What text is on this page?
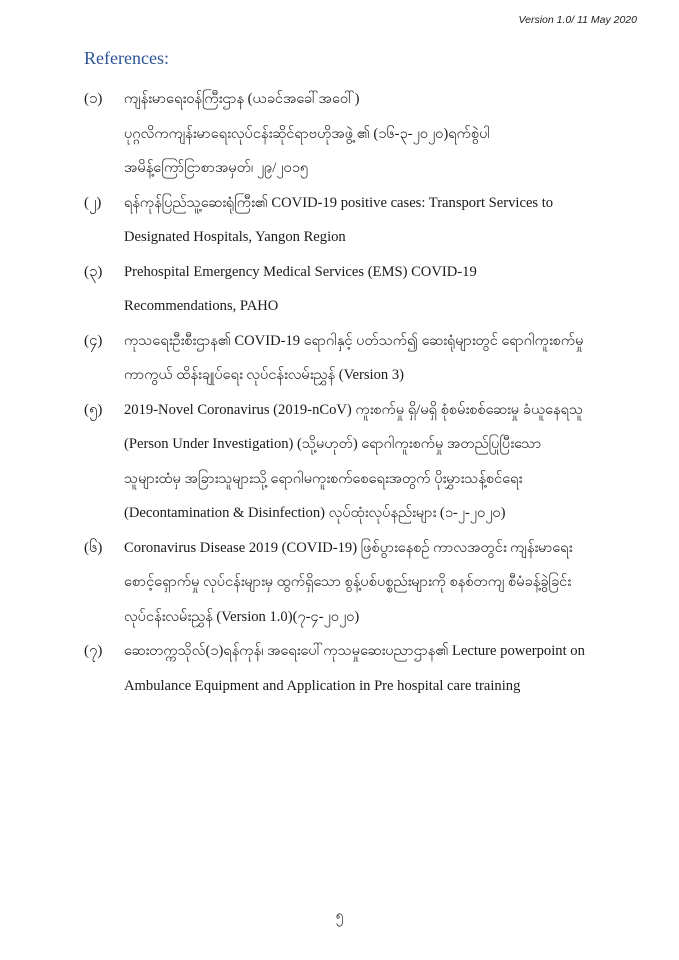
Version 1.0/ 11 May 2020
References:
(၁)	ကျန်းမာရေးဝန်ကြီးဌာန (ယခင်အခေါ်အဝေါ်)
ပုဂ္ဂလိကကျန်းမာရေးလုပ်ငန်းဆိုင်ရာဗဟိုအဖွဲ့ ၏ (၁၆-၃-၂၀၂၀)ရက်စွဲပါ
အမိန့်ကြော်ငြာစာအမှတ်၊ ၂၉/၂၀၁၅
(၂)	ရန်ကုန်ပြည်သူ့ဆေးရုံကြီး၏ COVID-19 positive cases: Transport Services to
Designated Hospitals, Yangon Region
(၃)	Prehospital Emergency Medical Services (EMS) COVID-19
Recommendations, PAHO
(၄)	ကုသရေးဦးစီးဌာန၏ COVID-19 ရောဂါနှင့် ပတ်သက်၍ ဆေးရုံများတွင် ရောဂါကူးစက်မှု
ကာကွယ် ထိန်းချုပ်ရေး လုပ်ငန်းလမ်းညွှန် (Version 3)
(၅)	2019-Novel Coronavirus (2019-nCoV) ကူးစက်မှု ရှိ/မရှိ စုံစမ်းစစ်ဆေးမှု ခံယူနေရသူ
(Person Under Investigation) (သို့မဟုတ်) ရောဂါကူးစက်မှု အတည်ပြုပြီးသော
သူများထံမှ အခြားသူများသို့ ရောဂါမကူးစက်စေရေးအတွက် ပိုးမွှားသန့်စင်ရေး
(Decontamination & Disinfection) လုပ်ထုံးလုပ်နည်းများ (၁-၂-၂၀၂၀)
(၆)	Coronavirus Disease 2019 (COVID-19) ဖြစ်ပွားနေစဉ် ကာလအတွင်း ကျန်းမာရေး
စောင့်ရှောက်မှု လုပ်ငန်းများမှ ထွက်ရှိသော စွန့်ပစ်ပစ္စည်းများကို စနစ်တကျ စီမံခန့်ခွဲခြင်း
လုပ်ငန်းလမ်းညွှန် (Version 1.0)(၇-၄-၂၀၂၀)
(၇)	ဆေးတက္ကသိုလ်(၁)ရန်ကုန်၊ အရေးပေါ်ကုသမှုဆေးပညာဌာန၏ Lecture powerpoint on
Ambulance Equipment and Application in Pre hospital care training
၅
